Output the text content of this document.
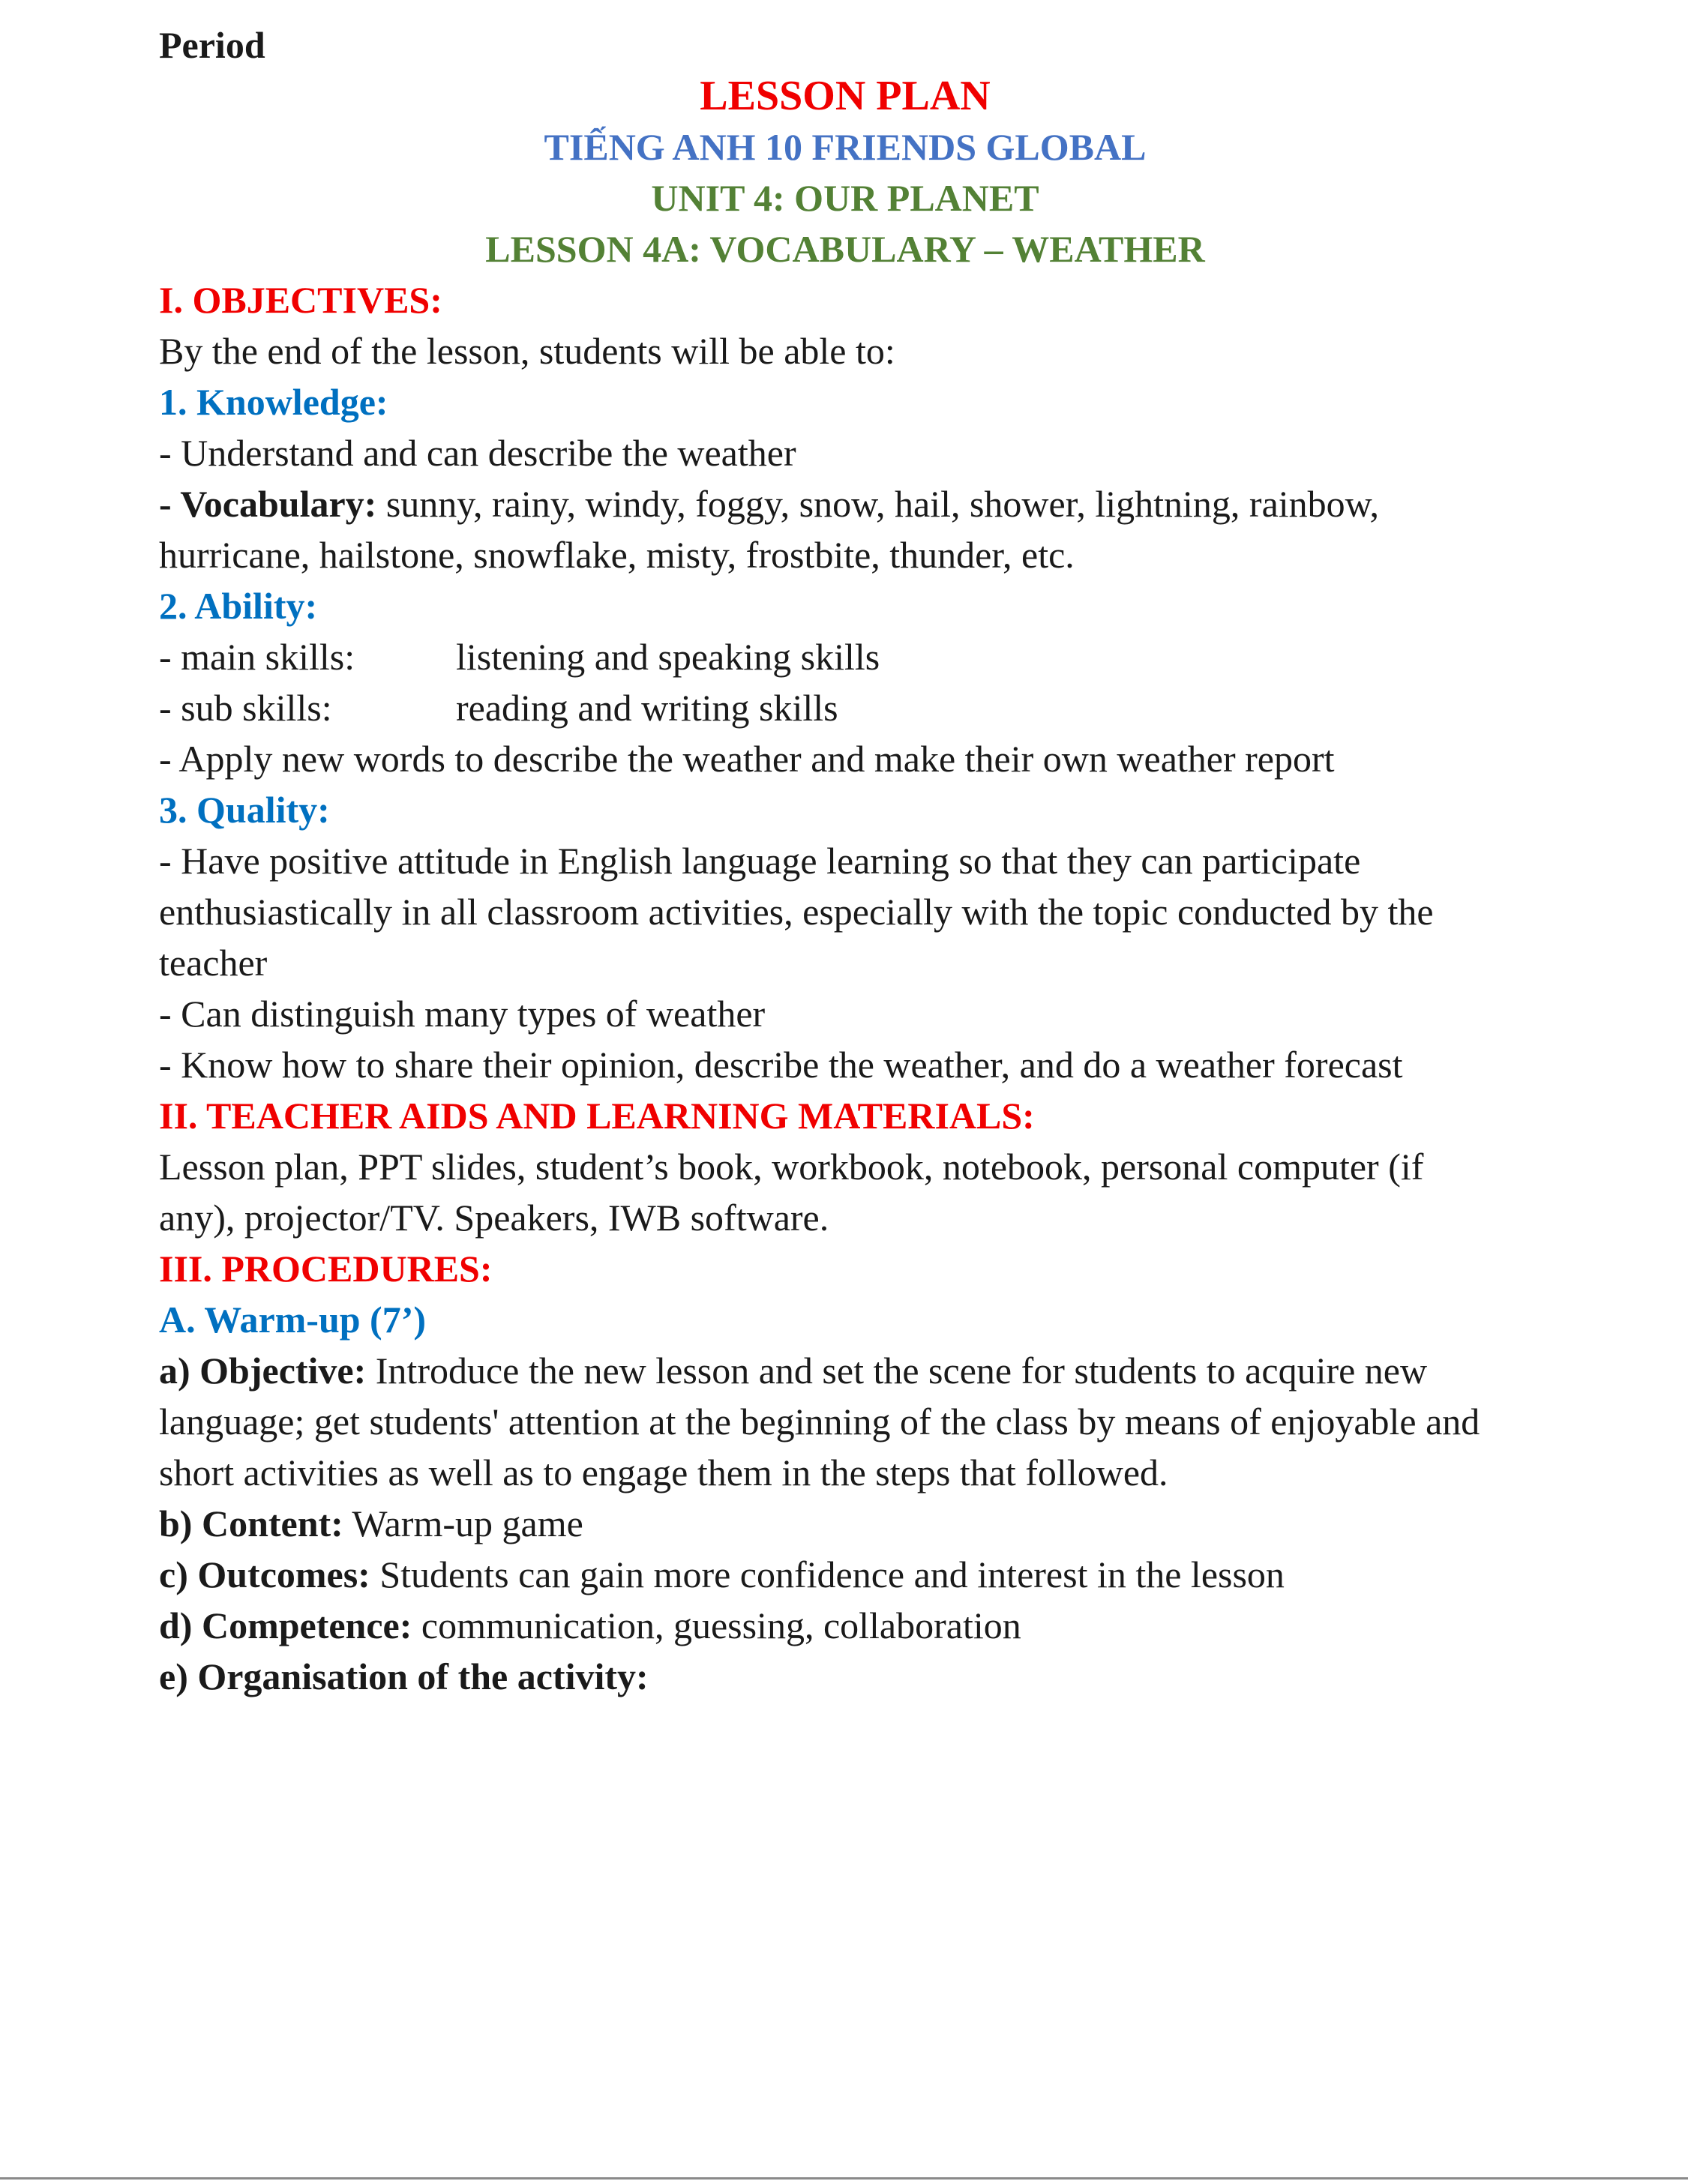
Period
LESSON PLAN
TIẾNG ANH 10 FRIENDS GLOBAL
UNIT 4: OUR PLANET
LESSON 4A: VOCABULARY – WEATHER
I. OBJECTIVES:
By the end of the lesson, students will be able to:
1. Knowledge:
- Understand and can describe the weather
- Vocabulary: sunny, rainy, windy, foggy, snow, hail, shower, lightning, rainbow,
hurricane, hailstone, snowflake, misty, frostbite, thunder, etc.
2. Ability:
- main skills:	listening and speaking skills
- sub skills:	reading and writing skills
- Apply new words to describe the weather and make their own weather report
3. Quality:
- Have positive attitude in English language learning so that they can participate
enthusiastically in all classroom activities, especially with the topic conducted by the
teacher
- Can distinguish many types of weather
- Know how to share their opinion, describe the weather, and do a weather forecast
II. TEACHER AIDS AND LEARNING MATERIALS:
Lesson plan, PPT slides, student’s book, workbook, notebook, personal computer (if
any), projector/TV. Speakers, IWB software.
III. PROCEDURES:
A. Warm-up (7’)
a) Objective: Introduce the new lesson and set the scene for students to acquire new
language; get students' attention at the beginning of the class by means of enjoyable and
short activities as well as to engage them in the steps that followed.
b) Content: Warm-up game
c) Outcomes: Students can gain more confidence and interest in the lesson
d) Competence: communication, guessing, collaboration
e) Organisation of the activity:
